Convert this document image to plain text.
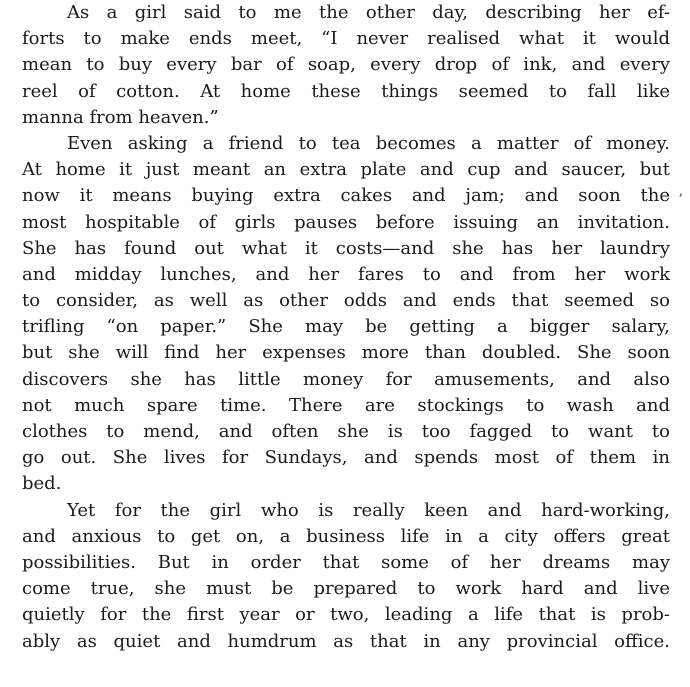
As a girl said to me the other day, describing her ef-
forts to make ends meet, “I never realised what it would
mean to buy every bar of soap, every drop of ink, and every
reel of cotton. At home these things seemed to fall like
manna from heaven.”

Even asking a friend to tea becomes a matter of money.
At home it just meant an extra plate and cup and saucer, but
now it means buying extra cakes and jam; and soon the
most hospitable of girls pauses before issuing an invitation.
She has found out what it costs—and she has her laundry
and midday lunches, and her fares to and from her work
to consider, as well as other odds and ends that seemed so
trifling “on paper.” She may be getting a bigger salary,
but she will find her expenses more than doubled. She soon
discovers she has little money for amusements, and also
not much spare time. There are stockings to wash and
clothes to mend, and often she is too fagged to want to
go out. She lives for Sundays, and spends most of them in
bed.

Yet for the girl who is really keen and hard-working,
and anxious to get on, a business life in a city offers great
possibilities. But in order that some of her dreams may
come true, she must be prepared to work hard and live
quietly for the first year or two, leading a life that is prob-
ably as quiet and humdrum as that in any provincial office.

ʼ
